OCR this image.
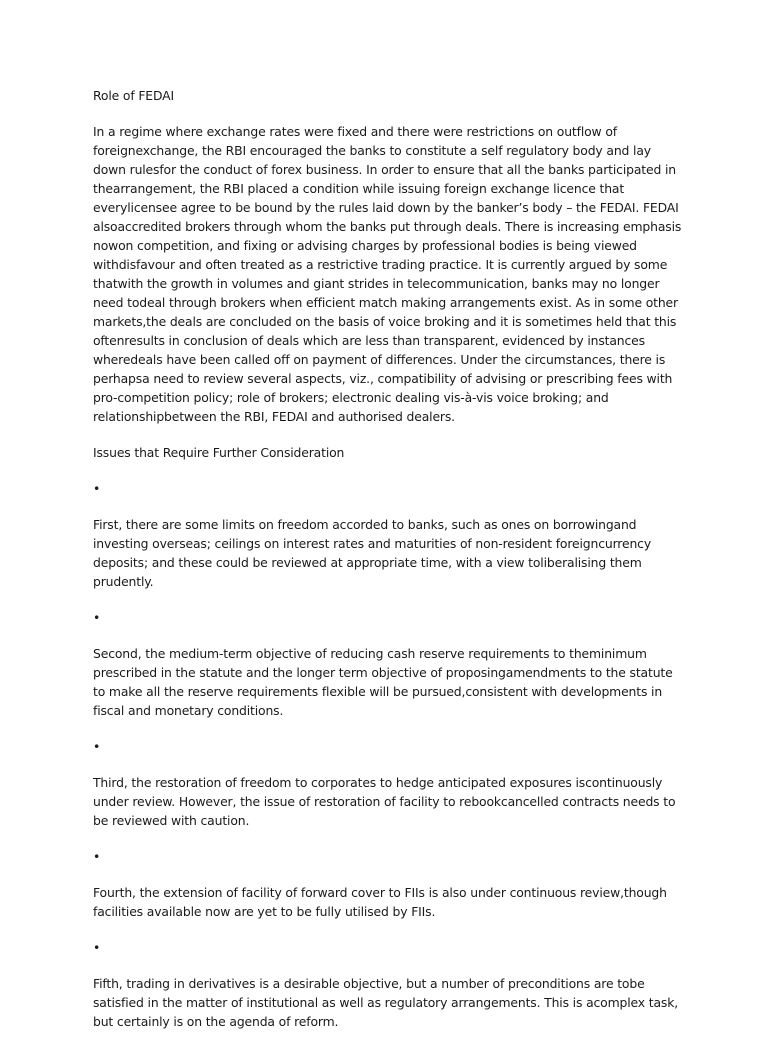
Role of FEDAI

In a regime where exchange rates were fixed and there were restrictions on outflow of foreignexchange, the RBI encouraged the banks to constitute a self regulatory body and lay down rulesfor the conduct of forex business. In order to ensure that all the banks participated in thearrangement, the RBI placed a condition while issuing foreign exchange licence that everylicensee agree to be bound by the rules laid down by the banker’s body – the FEDAI. FEDAI alsoaccredited brokers through whom the banks put through deals. There is increasing emphasis nowon competition, and fixing or advising charges by professional bodies is being viewed withdisfavour and often treated as a restrictive trading practice. It is currently argued by some thatwith the growth in volumes and giant strides in telecommunication, banks may no longer need todeal through brokers when efficient match making arrangements exist. As in some other markets,the deals are concluded on the basis of voice broking and it is sometimes held that this oftenresults in conclusion of deals which are less than transparent, evidenced by instances wheredeals have been called off on payment of differences. Under the circumstances, there is perhapsa need to review several aspects, viz., compatibility of advising or prescribing fees with pro-competition policy; role of brokers; electronic dealing vis-à-vis voice broking; and relationshipbetween the RBI, FEDAI and authorised dealers.

Issues that Require Further Consideration

•

First, there are some limits on freedom accorded to banks, such as ones on borrowingand investing overseas; ceilings on interest rates and maturities of non-resident foreigncurrency deposits; and these could be reviewed at appropriate time, with a view toliberalising them prudently.

•

Second, the medium-term objective of reducing cash reserve requirements to theminimum prescribed in the statute and the longer term objective of proposingamendments to the statute to make all the reserve requirements flexible will be pursued,consistent with developments in fiscal and monetary conditions.

•

Third, the restoration of freedom to corporates to hedge anticipated exposures iscontinuously under review. However, the issue of restoration of facility to rebookcancelled contracts needs to be reviewed with caution.

•

Fourth, the extension of facility of forward cover to FIIs is also under continuous review,though facilities available now are yet to be fully utilised by FIIs.

•

Fifth, trading in derivatives is a desirable objective, but a number of preconditions are tobe satisfied in the matter of institutional as well as regulatory arrangements. This is acomplex task, but certainly is on the agenda of reform.
